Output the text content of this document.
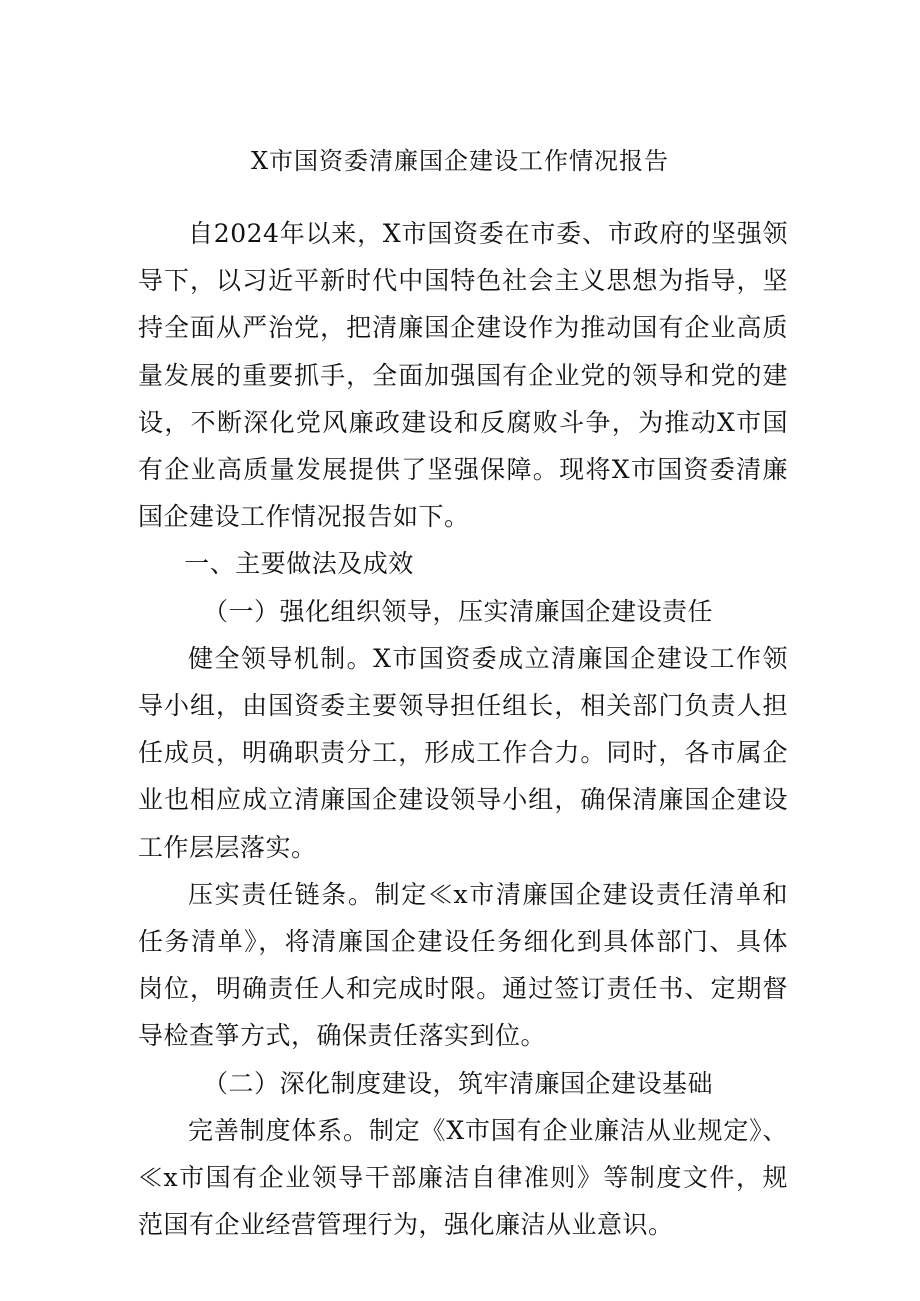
X市国资委清廉国企建设工作情况报告

自2024年以来，X市国资委在市委、市政府的坚强领导下，以习近平新时代中国特色社会主义思想为指导，坚持全面从严治党，把清廉国企建设作为推动国有企业高质量发展的重要抓手，全面加强国有企业党的领导和党的建设，不断深化党风廉政建设和反腐败斗争，为推动X市国有企业高质量发展提供了坚强保障。现将X市国资委清廉国企建设工作情况报告如下。

一、主要做法及成效

（一）强化组织领导，压实清廉国企建设责任

健全领导机制。X市国资委成立清廉国企建设工作领导小组，由国资委主要领导担任组长，相关部门负责人担任成员，明确职责分工，形成工作合力。同时，各市属企业也相应成立清廉国企建设领导小组，确保清廉国企建设工作层层落实。

压实责任链条。制定≪x市清廉国企建设责任清单和任务清单》，将清廉国企建设任务细化到具体部门、具体岗位，明确责任人和完成时限。通过签订责任书、定期督导检查箏方式，确保责任落实到位。

（二）深化制度建设，筑牢清廉国企建设基础

完善制度体系。制定《X市国有企业廉洁从业规定》、≪x市国有企业领导干部廉洁自律准则》等制度文件，规范国有企业经营管理行为，强化廉洁从业意识。
